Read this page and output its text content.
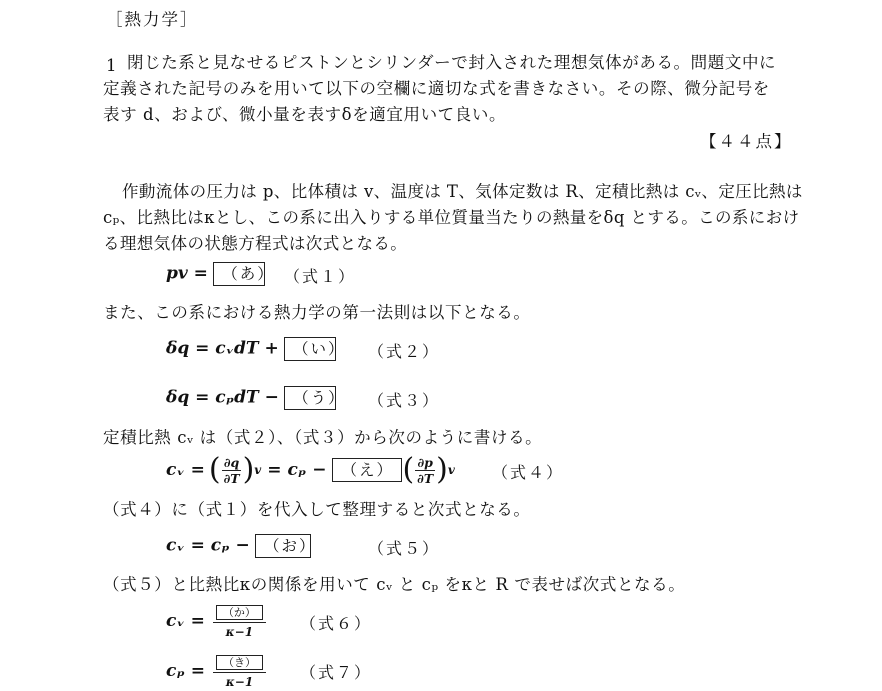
［熱力学］
1 閉じた系と見なせるピストンとシリンダーで封入された理想気体がある。問題文中に定義された記号のみを用いて以下の空欄に適切な式を書きなさい。その際、微分記号を表す d、および、微小量を表すδを適宜用いて良い。
【４４点】
作動流体の圧力は p、比体積は v、温度は T、気体定数は R、定積比熱は cᵥ、定圧比熱は
cₚ、比熱比はκとし、この系に出入りする単位質量当たりの熱量をδq とする。この系におけ
る理想気体の状態方程式は次式となる。
pv = （あ） （式１）
また、この系における熱力学の第一法則は以下となる。
δq = cᵥdT + （い） （式２）
δq = cₚdT − （う） （式３）
定積比熱 cᵥ は（式２）、（式３）から次のように書ける。
cᵥ = ( $\frac{\partial q}{\partial T}$ ) v = cₚ − （え） ( $\frac{\partial p}{\partial T}$ ) v （式４）
（式４）に（式１）を代入して整理すると次式となる。
cᵥ = cₚ − （お）	（式５）
（式５）と比熱比κの関係を用いて cᵥ と cₚ をκと R で表せば次式となる。
cᵥ = $\frac{\text{（か）}}{\kappa-1}$ （式６）
$c_p = \frac{\text{（き）}}{\kappa-1}$ （式７）
